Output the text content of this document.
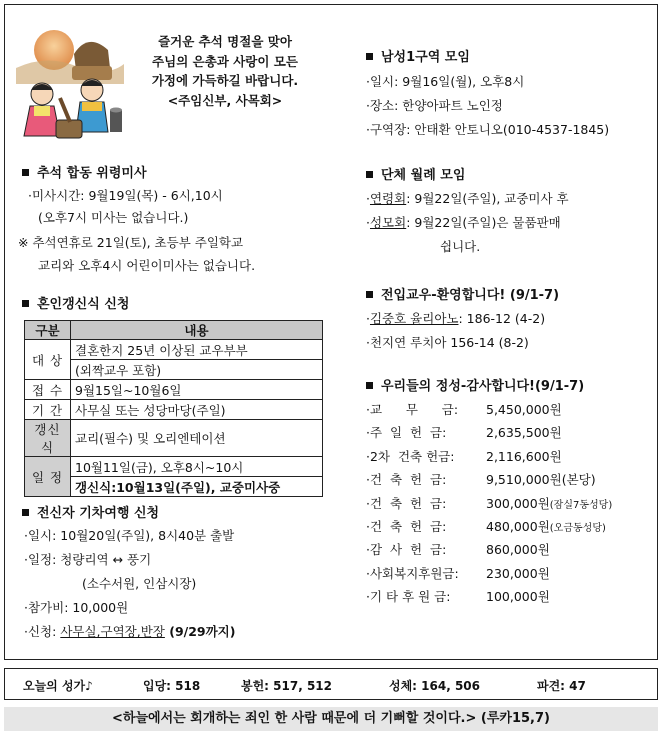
즐거운 추석 명절을 맞아
주님의 은총과 사랑이 모든
가정에 가득하길 바랍니다.
<주임신부, 사목회>
추석 합동 위령미사
·미사시간: 9월19일(목) - 6시,10시
(오후7시 미사는 없습니다.)
※ 추석연휴로 21일(토), 초등부 주일학교
교리와 오후4시 어린이미사는 없습니다.
혼인갱신식 신청
구분	내용
대 상	결혼한지 25년 이상된 교우부부
	(외짝교우 포함)
접 수	9월15일~10월6일
기 간	사무실 또는 성당마당(주일)
갱신식	교리(필수) 및 오리엔테이션
일 정	10월11일(금), 오후8시~10시
	갱신식:10월13일(주일), 교중미사중
전신자 기차여행 신청
·일시: 10월20일(주일), 8시40분 출발
·일정: 청량리역 ↔ 풍기
(소수서원, 인삼시장)
·참가비: 10,000원
·신청: 사무실,구역장,반장 (9/29까지)
남성1구역 모임
·일시: 9월16일(월), 오후8시
·장소: 한양아파트 노인정
·구역장: 안태환 안토니오(010-4537-1845)
단체 월례 모임
·연령회: 9월22일(주일), 교중미사 후
·성모회: 9월22일(주일)은 물품판매
쉽니다.
전입교우-환영합니다! (9/1-7)
·김중호 율리아노: 186-12 (4-2)
·천지연 루치아 156-14 (8-2)
우리들의 정성-감사합니다!(9/1-7)
·교      무      금: 5,450,000원
·주  일  헌  금:	2,635,500원
·2차  건축 헌금:	2,116,600원
·건  축  헌  금:	9,510,000원(본당)
·건  축  헌  금:	300,000원(잠실7동성당)
·건  축  헌  금:	480,000원(오금동성당)
·감  사  헌  금:	860,000원
·사회복지후원금: 230,000원
·기 타 후 원 금:	100,000원
오늘의 성가♪	입당: 518	봉헌: 517, 512	성체: 164, 506	파견: 47
<하늘에서는 회개하는 죄인 한 사람 때문에 더 기뻐할 것이다.> (루카15,7)
